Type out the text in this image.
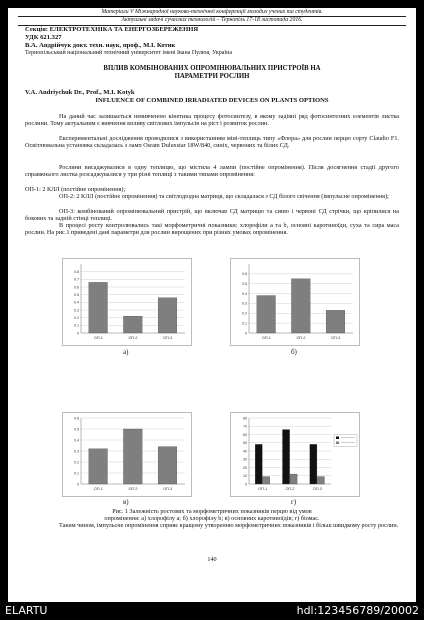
Матеріали V Міжнародної науково-технічної конференції молодих учених та студентів.
Актуальні задачі сучасних технологій – Тернопіль 17-18 листопада 2016.
Секція: ЕЛЕКТРОТЕХНІКА ТА ЕНЕРГОЗБЕРЕЖЕННЯ
УДК 621.327
В.А. Андрійчук докт. техн. наук, проф., М.І. Котик
Тернопільський національний технічний університет імені Івана Пулюя, Україна
ВПЛИВ КОМБІНОВАНИХ ОПРОМІНЮВАЛЬНИХ ПРИСТРОЇВ НА
ПАРАМЕТРИ РОСЛИН
V.A. Andriychuk Dr., Prof., M.I. Kotyk
INFLUENCE OF COMBINED IRRADIATED DEVICES ON PLANTS OPTIONS
На даний час залишається невивченою кінетика процесу фотосинтезу, в якому задіяні ряд фотосинтезних елементів листка рослини. Тому актуальним є вивчення впливу світлових імпульсів на ріст і розвиток рослин.
Експериментальні дослідження проводилися з використанням міні-теплиць типу «Флора» для рослин перцю сорту Claudio F1. Освітлювальна установка складалась з ламп Osram Duluxstar 18W/840, синіх, червоних та білих СД.
Рослини висаджувалися в одну теплицю, що містила 4 лампи (постійне опромінення). Після досягнення стадії другого справжнього листка розсаджувалися у три різні теплиці з такими типами опромінення:
ОП-1: 2 КЛЛ (постійне опромінення);
ОП-2: 2 КЛЛ (постійне опромінення) та світлодіодна матриця, що складалася з СД білого свічення (імпульсне опромінення);
ОП-3: комбінований опромінювальний пристрій, що включав СД матрицю та синю і червоні СД стрічки, що кріпилися на бокових та задній стінці теплиці.
В процесі росту контролювались такі морфометричні показники: хлорофіли a та b, основні каротиноїди, суха та сира маса рослин. На рис.1 приведені дані параметри для рослин вирощених при різних умовах опромінення.
0
0.1
0.2
0.3
0.4
0.5
0.6
0.7
0.8
ОП-1	ОП-2	ОП-3
а)
0
0.1
0.2
0.3
0.4
0.5
0.6
ОП-1	ОП-2	ОП-3
б)
0
0.1
0.2
0.3
0.4
0.5
0.6
ОП-1	ОП-2	ОП-3
в)
0
10
20
30
40
50
60
70
80
ОП-1	ОП-2	ОП-3
г)
Рис. 1 Залежність ростових та морфометричних показників перцю від умов
опромінення: а) хлорофілу a; б) хлорофілу b; в) основних каротиноїдів; г) біомас.
Таким чином, імпульсне опромінення сприяє кращому утворенню морфометричних показників і більш швидкому росту рослин.
140
ELARTU	hdl:123456789/20002
